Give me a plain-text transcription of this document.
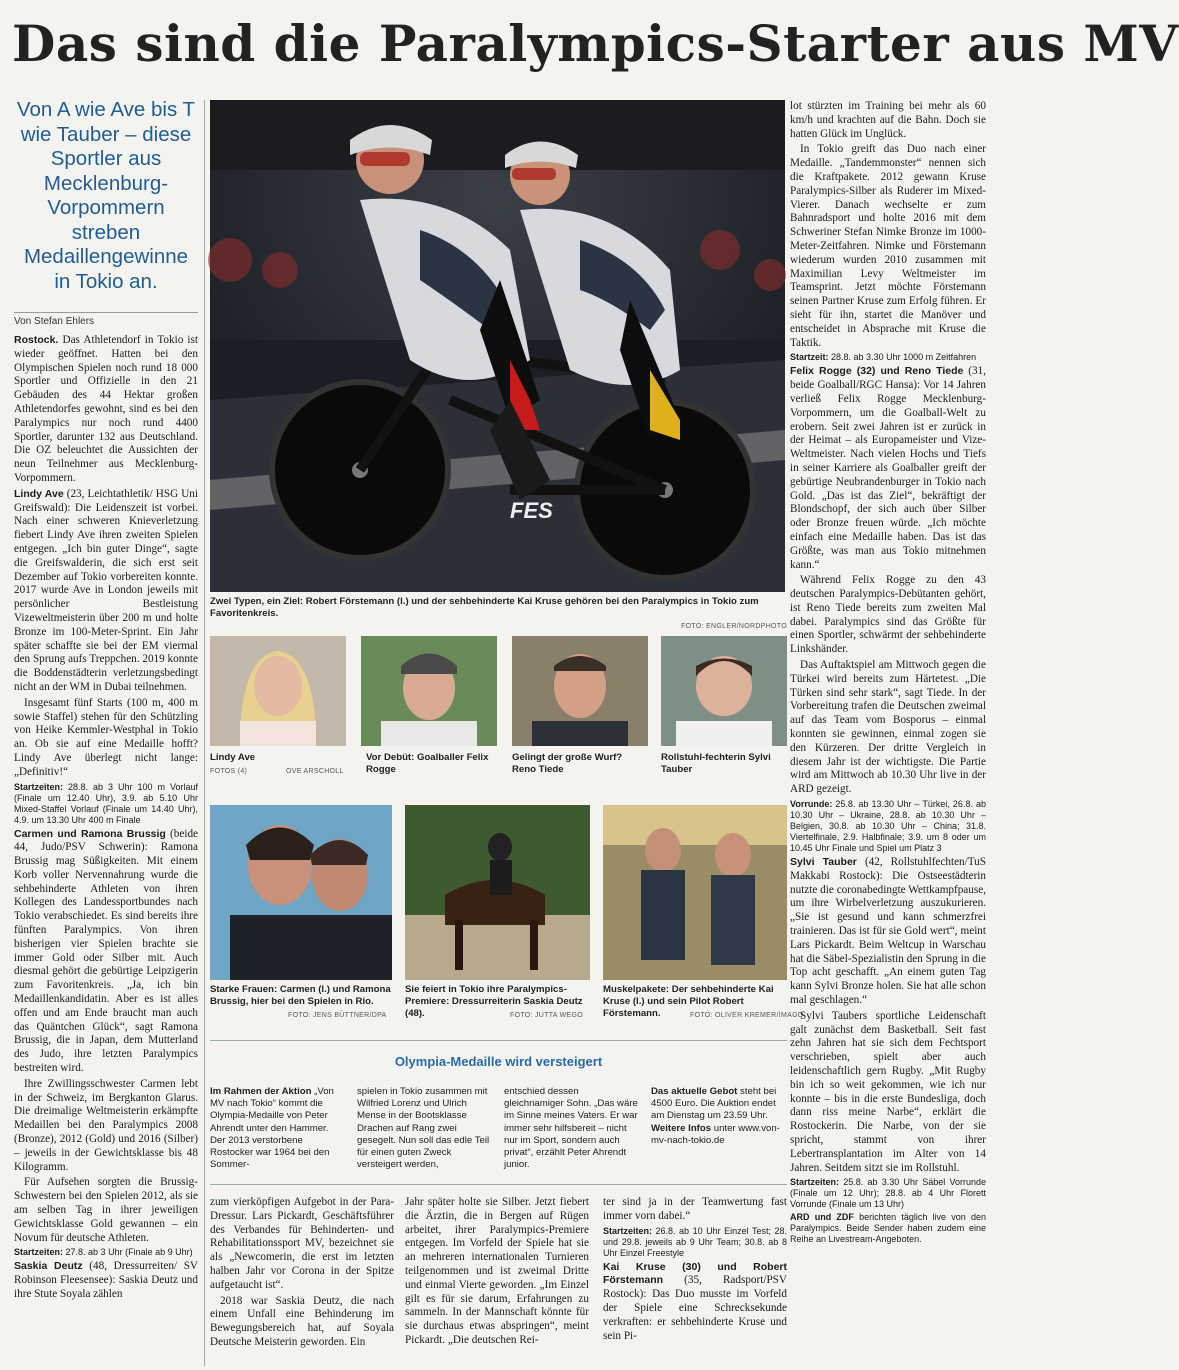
Das sind die Paralympics-Starter aus MV
Von A wie Ave bis T wie Tauber – diese Sportler aus Mecklenburg-Vorpommern streben Medaillengewinne in Tokio an.
Von Stefan Ehlers

Rostock. Das Athletendorf in Tokio ist wieder geöffnet. Hatten bei den Olympischen Spielen noch rund 18 000 Sportler und Offizielle in den 21 Gebäuden des 44 Hektar großen Athletendorfes gewohnt, sind es bei den Paralympics nur noch rund 4400 Sportler, darunter 132 aus Deutschland. Die OZ beleuchtet die Aussichten der neun Teilnehmer aus Mecklenburg-Vorpommern.

Lindy Ave (23, Leichtathletik/ HSG Uni Greifswald): Die Leidenszeit ist vorbei. Nach einer schweren Knieverletzung fiebert Lindy Ave ihren zweiten Spielen entgegen. „Ich bin guter Dinge“, sagte die Greifswalderin, die sich erst seit Dezember auf Tokio vorbereiten konnte. 2017 wurde Ave in London jeweils mit persönlicher Bestleistung Vizeweltmeisterin über 200 m und holte Bronze im 100-Meter-Sprint. Ein Jahr später schaffte sie bei der EM viermal den Sprung aufs Treppchen. 2019 konnte die Boddenstädterin verletzungsbedingt nicht an der WM in Dubai teilnehmen.

Insgesamt fünf Starts (100 m, 400 m sowie Staffel) stehen für den Schützling von Heike Kemmler-Westphal in Tokio an. Ob sie auf eine Medaille hofft? Lindy Ave überlegt nicht lange: „Definitiv!“

Startzeiten: 28.8. ab 3 Uhr 100 m Vorlauf (Finale um 12.40 Uhr), 3.9. ab 5.10 Uhr Mixed-Staffel Vorlauf (Finale um 14.40 Uhr), 4.9. um 13.30 Uhr 400 m Finale

Carmen und Ramona Brussig (beide 44, Judo/PSV Schwerin): Ramona Brussig mag Süßigkeiten. Mit einem Korb voller Nervennahrung wurde die sehbehinderte Athleten von ihren Kollegen des Landessportbundes nach Tokio verabschiedet. Es sind bereits ihre fünften Paralympics. Von ihren bisherigen vier Spielen brachte sie immer Gold oder Silber mit. Auch diesmal gehört die gebürtige Leipzigerin zum Favoritenkreis. „Ja, ich bin Medaillenkandidatin. Aber es ist alles offen und am Ende braucht man auch das Quäntchen Glück“, sagt Ramona Brussig, die in Japan, dem Mutterland des Judo, ihre letzten Paralympics bestreiten wird.

Ihre Zwillingsschwester Carmen lebt in der Schweiz, im Bergkanton Glarus. Die dreimalige Weltmeisterin erkämpfte Medaillen bei den Paralympics 2008 (Bronze), 2012 (Gold) und 2016 (Silber) – jeweils in der Gewichtsklasse bis 48 Kilogramm.

Für Aufsehen sorgten die Brussig-Schwestern bei den Spielen 2012, als sie am selben Tag in ihrer jeweiligen Gewichtsklasse Gold gewannen – ein Novum für deutsche Athleten.

Startzeiten: 27.8. ab 3 Uhr (Finale ab 9 Uhr)

Saskia Deutz (48, Dressurreiten/ SV Robinson Fleesensee): Saskia Deutz und ihre Stute Soyala zählen

FES
Zwei Typen, ein Ziel: Robert Förstemann (l.) und der sehbehinderte Kai Kruse gehören bei den Paralympics in Tokio zum Favoritenkreis.
FOTO: ENGLER/NORDPHOTO
Lindy Ave
FOTOS (4)	OVE ARSCHOLL
Vor Debüt: Goalballer Felix Rogge
Gelingt der große Wurf? Reno Tiede
Rollstuhl-fechterin Sylvi Tauber
Starke Frauen: Carmen (l.) und Ramona Brussig, hier bei den Spielen in Rio.
FOTO: JENS BÜTTNER/DPA
Sie feiert in Tokio ihre Paralympics-Premiere: Dressurreiterin Saskia Deutz (48).	FOTO: JUTTA WEGO
Muskelpakete: Der sehbehinderte Kai Kruse (l.) und sein Pilot Robert Förstemann.	FOTO: OLIVER KREMER/IMAGO
Olympia-Medaille wird versteigert
Im Rahmen der Aktion „Von MV nach Tokio“ kommt die Olympia-Medaille von Peter Ahrendt unter den Hammer. Der 2013 verstorbene Rostocker war 1964 bei den Sommer-
spielen in Tokio zusammen mit Wilfried Lorenz und Ulrich Mense in der Bootsklasse Drachen auf Rang zwei gesegelt. Nun soll das edle Teil für einen guten Zweck versteigert werden,
entschied dessen gleichnamiger Sohn. „Das wäre im Sinne meines Vaters. Er war immer sehr hilfsbereit – nicht nur im Sport, sondern auch privat“, erzählt Peter Ahrendt junior.
Das aktuelle Gebot steht bei 4500 Euro. Die Auktion endet am Dienstag um 23.59 Uhr.
Weitere Infos unter www.von-mv-nach-tokio.de

zum vierköpfigen Aufgebot in der Para-Dressur. Lars Pickardt, Geschäftsführer des Verbandes für Behinderten- und Rehabilitationssport MV, bezeichnet sie als „Newcomerin, die erst im letzten halben Jahr vor Corona in der Spitze aufgetaucht ist“.

2018 war Saskia Deutz, die nach einem Unfall eine Behinderung im Bewegungsbereich hat, auf Soyala Deutsche Meisterin geworden. Ein

Jahr später holte sie Silber. Jetzt fiebert die Ärztin, die in Bergen auf Rügen arbeitet, ihrer Paralympics-Premiere entgegen. Im Vorfeld der Spiele hat sie an mehreren internationalen Turnieren teilgenommen und ist zweimal Dritte und einmal Vierte geworden. „Im Einzel gilt es für sie darum, Erfahrungen zu sammeln. In der Mannschaft könnte für sie durchaus etwas abspringen“, meint Pickardt. „Die deutschen Rei-

ter sind ja in der Teamwertung fast immer vorn dabei.“

Startzeiten: 26.8. ab 10 Uhr Einzel Test; 28. und 29.8. jeweils ab 9 Uhr Team; 30.8. ab 8 Uhr Einzel Freestyle

Kai Kruse (30) und Robert Förstemann (35, Radsport/PSV Rostock): Das Duo musste im Vorfeld der Spiele eine Schrecksekunde verkraften: er sehbehinderte Kruse und sein Pi-

lot stürzten im Training bei mehr als 60 km/h und krachten auf die Bahn. Doch sie hatten Glück im Unglück.

In Tokio greift das Duo nach einer Medaille. „Tandemmonster“ nennen sich die Kraftpakete. 2012 gewann Kruse Paralympics-Silber als Ruderer im Mixed-Vierer. Danach wechselte er zum Bahnradsport und holte 2016 mit dem Schweriner Stefan Nimke Bronze im 1000-Meter-Zeitfahren. Nimke und Förstemann wiederum wurden 2010 zusammen mit Maximilian Levy Weltmeister im Teamsprint. Jetzt möchte Förstemann seinen Partner Kruse zum Erfolg führen. Er sieht für ihn, startet die Manöver und entscheidet in Absprache mit Kruse die Taktik.

Startzeit: 28.8. ab 3.30 Uhr 1000 m Zeitfahren

Felix Rogge (32) und Reno Tiede (31, beide Goalball/RGC Hansa): Vor 14 Jahren verließ Felix Rogge Mecklenburg-Vorpommern, um die Goalball-Welt zu erobern. Seit zwei Jahren ist er zurück in der Heimat – als Europameister und Vize-Weltmeister. Nach vielen Hochs und Tiefs in seiner Karriere als Goalballer greift der gebürtige Neubrandenburger in Tokio nach Gold. „Das ist das Ziel“, bekräftigt der Blondschopf, der sich auch über Silber oder Bronze freuen würde. „Ich möchte einfach eine Medaille haben. Das ist das Größte, was man aus Tokio mitnehmen kann.“

Während Felix Rogge zu den 43 deutschen Paralympics-Debütanten gehört, ist Reno Tiede bereits zum zweiten Mal dabei. Paralympics sind das Größte für einen Sportler, schwärmt der sehbehinderte Linkshänder.

Das Auftaktspiel am Mittwoch gegen die Türkei wird bereits zum Härtetest. „Die Türken sind sehr stark“, sagt Tiede. In der Vorbereitung trafen die Deutschen zweimal auf das Team vom Bosporus – einmal konnten sie gewinnen, einmal zogen sie den Kürzeren. Der dritte Vergleich in diesem Jahr ist der wichtigste. Die Partie wird am Mittwoch ab 10.30 Uhr live in der ARD gezeigt.

Vorrunde: 25.8. ab 13.30 Uhr – Türkei, 26.8. ab 10.30 Uhr – Ukraine, 28.8. ab 10.30 Uhr – Belgien, 30.8. ab 10.30 Uhr – China; 31.8. Viertelfinale, 2.9. Halbfinale; 3.9. um 8 oder um 10.45 Uhr Finale und Spiel um Platz 3

Sylvi Tauber (42, Rollstuhlfechten/TuS Makkabi Rostock): Die Ostseestädterin nutzte die coronabedingte Wettkampfpause, um ihre Wirbelverletzung auszukurieren. „Sie ist gesund und kann schmerzfrei trainieren. Das ist für sie Gold wert“, meint Lars Pickardt. Beim Weltcup in Warschau hat die Säbel-Spezialistin den Sprung in die Top acht geschafft. „An einem guten Tag kann Sylvi Bronze holen. Sie hat alle schon mal geschlagen.“

Sylvi Taubers sportliche Leidenschaft galt zunächst dem Basketball. Seit fast zehn Jahren hat sie sich dem Fechtsport verschrieben, spielt aber auch leidenschaftlich gern Rugby. „Mit Rugby bin ich so weit gekommen, wie ich nur konnte – bis in die erste Bundesliga, doch dann riss meine Narbe“, erklärt die Rostockerin. Die Narbe, von der sie spricht, stammt von ihrer Lebertransplantation im Alter von 14 Jahren. Seitdem sitzt sie im Rollstuhl.

Startzeiten: 25.8. ab 3.30 Uhr Säbel Vorrunde (Finale um 12 Uhr); 28.8. ab 4 Uhr Florett Vorrunde (Finale um 13 Uhr)

ARD und ZDF berichten täglich live von den Paralympics. Beide Sender haben zudem eine Reihe an Livestream-Angeboten.
